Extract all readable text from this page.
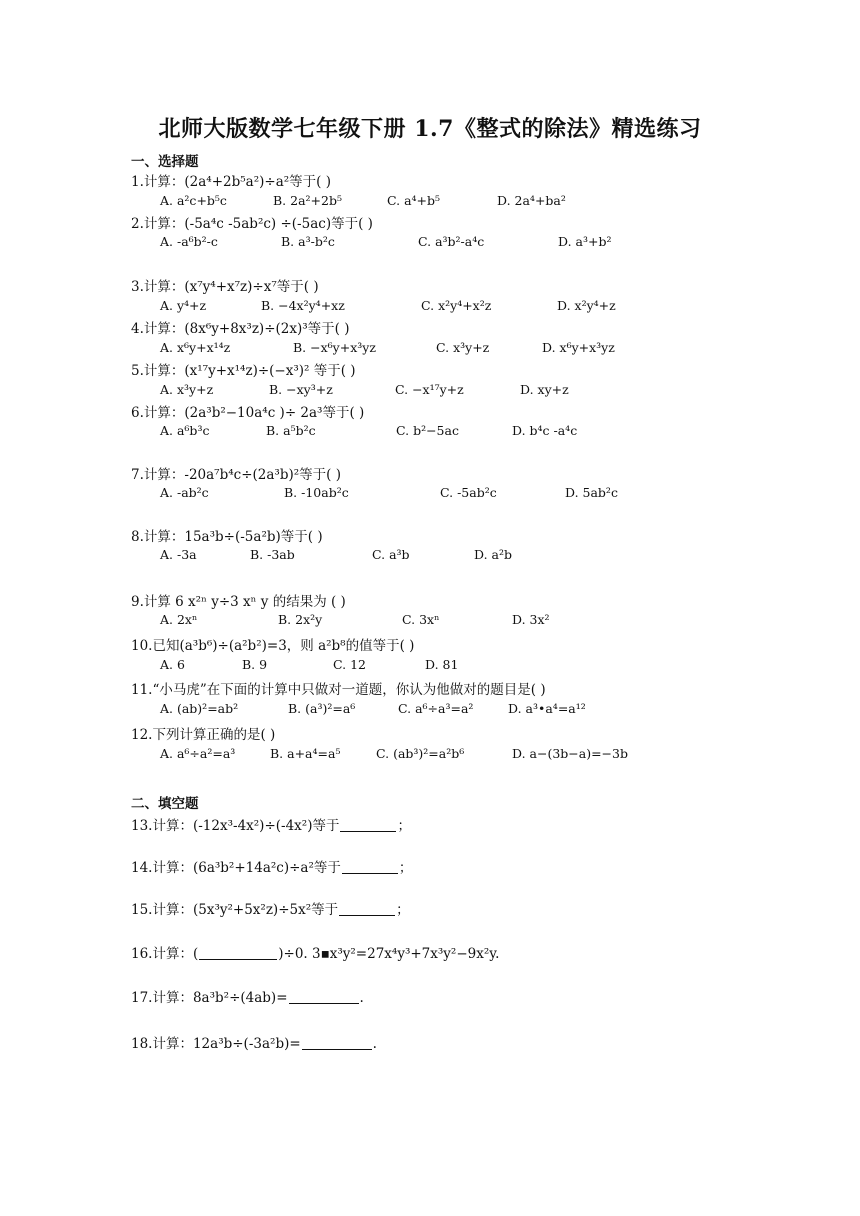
北师大版数学七年级下册 1.7《整式的除法》精选练习
一、选择题
1.计算：(2a⁴+2b⁵a²)÷a²等于( )
A. a²c+b⁵c	B. 2a²+2b⁵	C. a⁴+b⁵	D. 2a⁴+ba²
2.计算：(-5a⁴c -5ab²c) ÷(-5ac)等于( )
A. -a⁶b²-c	B. a³-b²c	C. a³b²-a⁴c	D. a³+b²
3.计算：(x⁷y⁴+x⁷z)÷x⁷等于( )
A. y⁴+z	B. −4x²y⁴+xz	C. x²y⁴+x²z	D. x²y⁴+z
4.计算：(8x⁶y+8x³z)÷(2x)³等于( )
A. x⁶y+x¹⁴z	B. −x⁶y+x³yz	C. x³y+z	D. x⁶y+x³yz
5.计算：(x¹⁷y+x¹⁴z)÷(−x³)² 等于( )
A. x³y+z	B. −xy³+z	C. −x¹⁷y+z	D. xy+z
6.计算：(2a³b²−10a⁴c )÷ 2a³等于( )
A. a⁶b³c	B. a⁵b²c	C. b²−5ac	D. b⁴c -a⁴c
7.计算：-20a⁷b⁴c÷(2a³b)²等于( )
A. -ab²c	B. -10ab²c	C. -5ab²c	D. 5ab²c
8.计算：15a³b÷(-5a²b)等于( )
A. -3a	B. -3ab	C. a³b	D. a²b
9.计算 6 x²ⁿ y÷3 xⁿ y 的结果为 ( )
A. 2xⁿ	B. 2x²y	C. 3xⁿ	D. 3x²
10.已知(a³b⁶)÷(a²b²)=3，则 a²b⁸的值等于( )
A. 6	B. 9	C. 12	D. 81
11.“小马虎”在下面的计算中只做对一道题，你认为他做对的题目是( )
A. (ab)²=ab²	B. (a³)²=a⁶	C. a⁶÷a³=a²	D. a³•a⁴=a¹²
12.下列计算正确的是( )
A. a⁶÷a²=a³	B. a+a⁴=a⁵	C. (ab³)²=a²b⁶	D. a−(3b−a)=−3b
二、填空题
13.计算：(-12x³-4x²)÷(-4x²)等于	；
14.计算：(6a³b²+14a²c)÷a²等于	；
15.计算：(5x³y²+5x²z)÷5x²等于	；
16.计算：(	)÷0. 3▪x³y²=27x⁴y³+7x³y²−9x²y.
17.计算：8a³b²÷(4ab)=	.
18.计算：12a³b÷(-3a²b)=	.
